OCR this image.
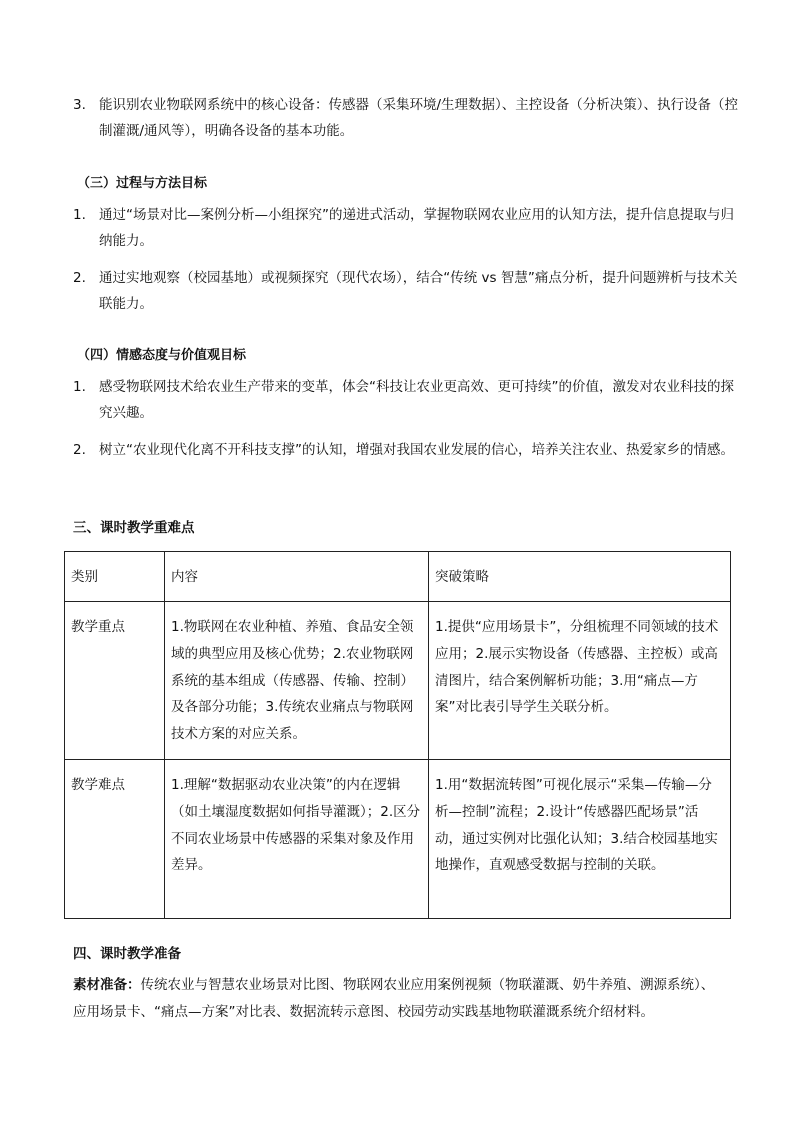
3. 能识别农业物联网系统中的核心设备：传感器（采集环境/生理数据）、主控设备（分析决策）、执行设备（控制灌溉/通风等），明确各设备的基本功能。
（三）过程与方法目标
1. 通过“场景对比—案例分析—小组探究”的递进式活动，掌握物联网农业应用的认知方法，提升信息提取与归纳能力。
2. 通过实地观察（校园基地）或视频探究（现代农场），结合“传统 vs 智慧”痛点分析，提升问题辨析与技术关联能力。
（四）情感态度与价值观目标
1. 感受物联网技术给农业生产带来的变革，体会“科技让农业更高效、更可持续”的价值，激发对农业科技的探究兴趣。
2. 树立“农业现代化离不开科技支撑”的认知，增强对我国农业发展的信心，培养关注农业、热爱家乡的情感。
三、课时教学重难点
类别	内容	突破策略
教学重点	1.物联网在农业种植、养殖、食品安全领域的典型应用及核心优势；2.农业物联网系统的基本组成（传感器、传输、控制）及各部分功能；3.传统农业痛点与物联网技术方案的对应关系。	1.提供“应用场景卡”，分组梳理不同领域的技术应用；2.展示实物设备（传感器、主控板）或高清图片，结合案例解析功能；3.用“痛点—方案”对比表引导学生关联分析。
教学难点	1.理解“数据驱动农业决策”的内在逻辑（如土壤湿度数据如何指导灌溉）；2.区分不同农业场景中传感器的采集对象及作用差异。	1.用“数据流转图”可视化展示“采集—传输—分析—控制”流程；2.设计“传感器匹配场景”活动，通过实例对比强化认知；3.结合校园基地实地操作，直观感受数据与控制的关联。
四、课时教学准备
素材准备：传统农业与智慧农业场景对比图、物联网农业应用案例视频（物联灌溉、奶牛养殖、溯源系统）、应用场景卡、“痛点—方案”对比表、数据流转示意图、校园劳动实践基地物联灌溉系统介绍材料。
